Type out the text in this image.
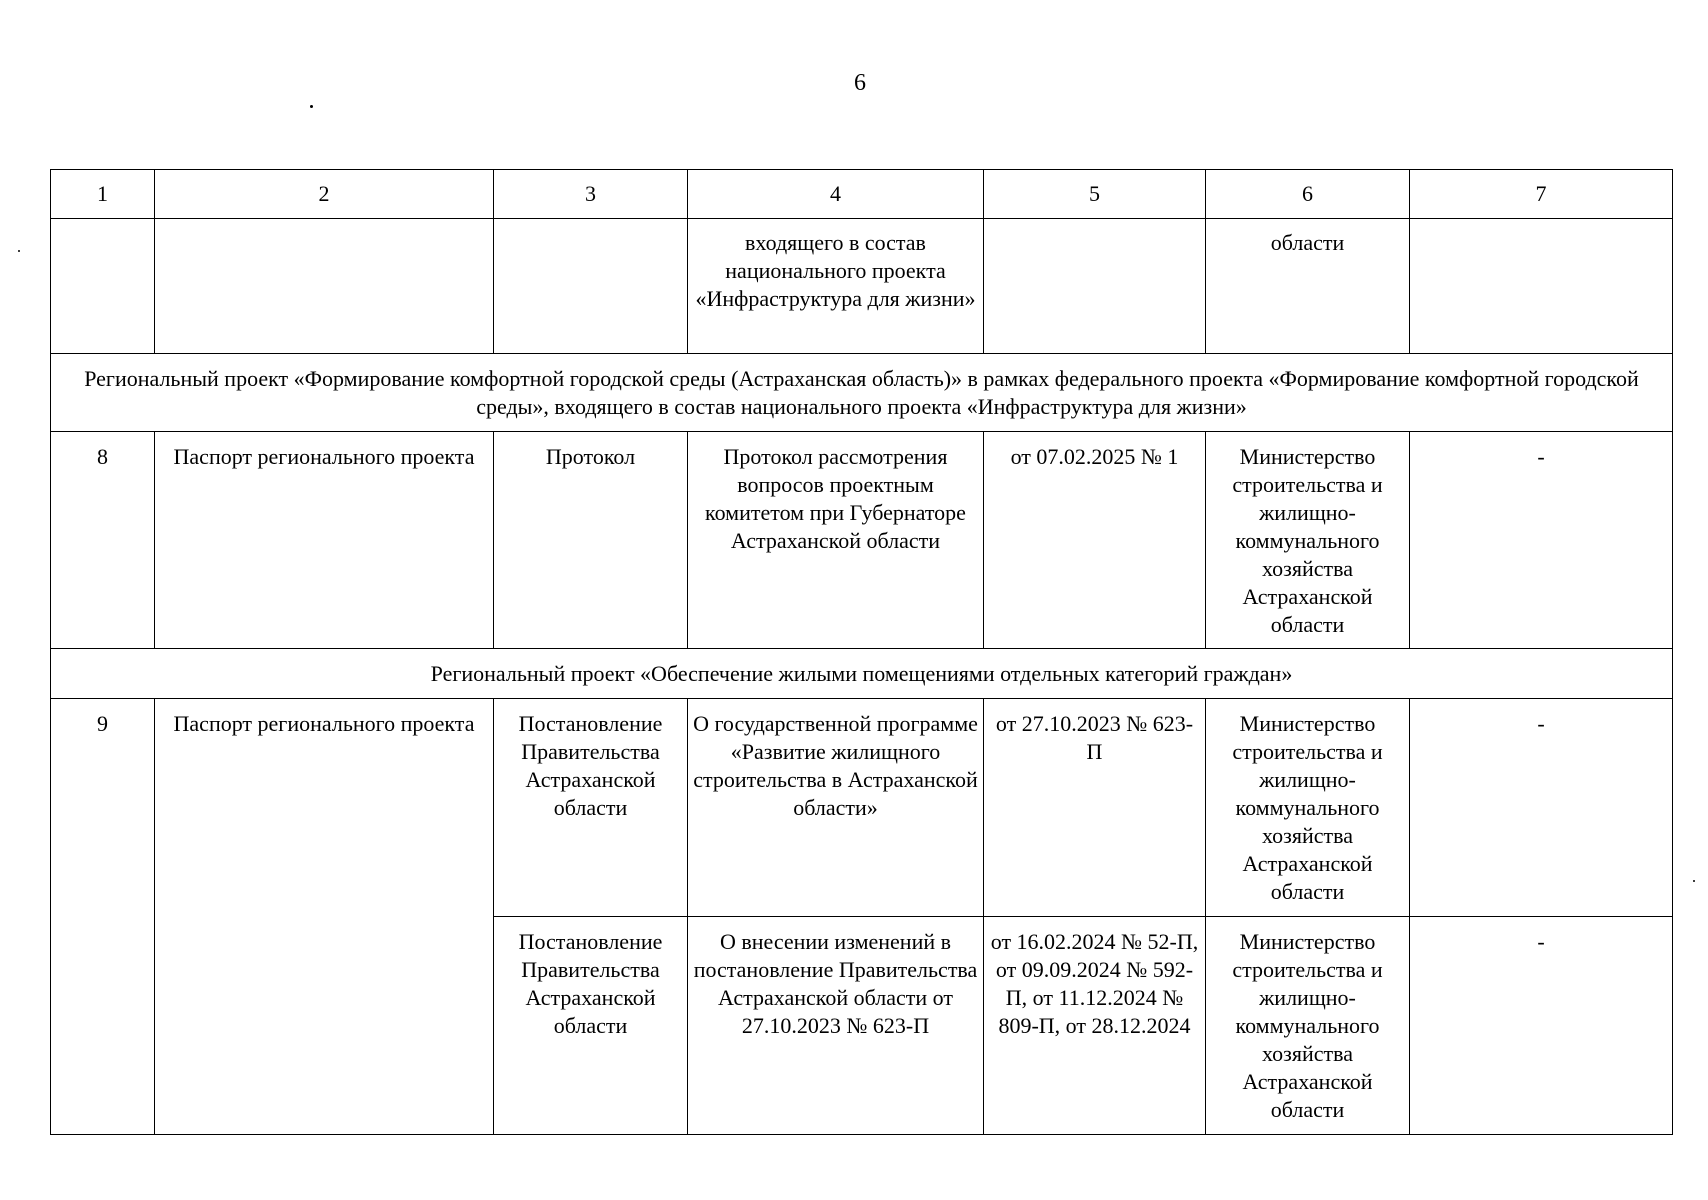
6
1	2	3	4	5	6	7
			входящего в состав национального проекта «Инфраструктура для жизни»		области	
Региональный проект «Формирование комфортной городской среды (Астраханская область)» в рамках федерального проекта «Формирование комфортной городской среды», входящего в состав национального проекта «Инфраструктура для жизни»						
8	Паспорт регионального проекта	Протокол	Протокол рассмотрения вопросов проектным комитетом при Губернаторе Астраханской области	от 07.02.2025 № 1	Министерство строительства и жилищно-коммунального хозяйства Астраханской области	-
Региональный проект «Обеспечение жилыми помещениями отдельных категорий граждан»						
9	Паспорт регионального проекта	Постановление Правительства Астраханской области	О государственной программе «Развитие жилищного строительства в Астраханской области»	от 27.10.2023 № 623-П	Министерство строительства и жилищно-коммунального хозяйства Астраханской области	-
		Постановление Правительства Астраханской области	О внесении изменений в постановление Правительства Астраханской области от 27.10.2023 № 623-П	от 16.02.2024 № 52-П, от 09.09.2024 № 592-П, от 11.12.2024 № 809-П, от 28.12.2024	Министерство строительства и жилищно-коммунального хозяйства Астраханской области	-
